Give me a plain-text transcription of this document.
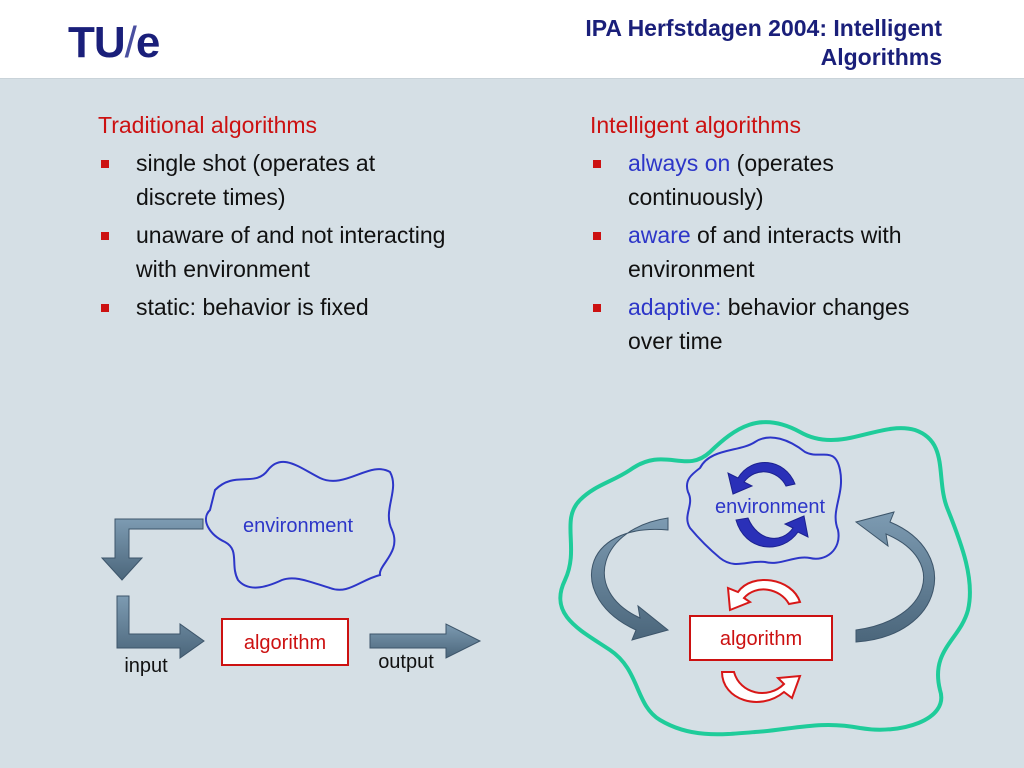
TU/e	IPA Herfstdagen 2004: Intelligent
Algorithms
Traditional algorithms
single shot (operates at discrete times)
unaware of and not interacting with environment
static: behavior is fixed
Intelligent algorithms
always on (operates continuously)
aware of and interacts with environment
adaptive: behavior changes over time
environment
input
algorithm
output
environment
algorithm
